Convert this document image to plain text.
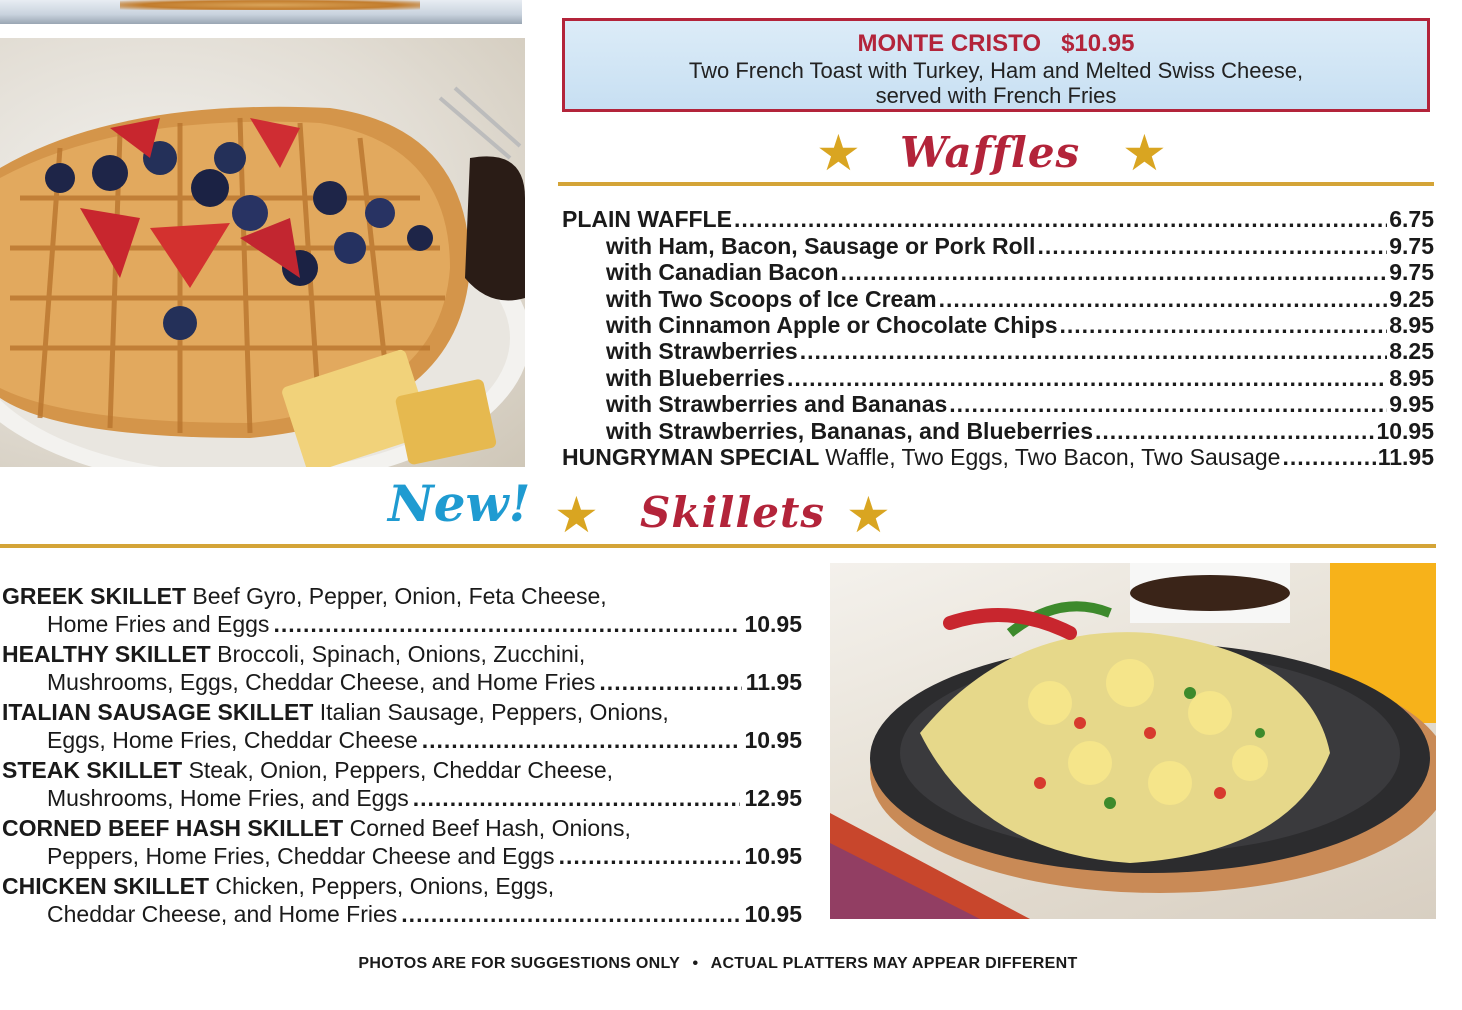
MONTE CRISTO $10.95
Two French Toast with Turkey, Ham and Melted Swiss Cheese,
served with French Fries
★ Waffles ★
PLAIN WAFFLE .....	6.75
with Ham, Bacon, Sausage or Pork Roll .....	9.75
with Canadian Bacon .....	9.75
with Two Scoops of Ice Cream .....	9.25
with Cinnamon Apple or Chocolate Chips .....	8.95
with Strawberries .....	8.25
with Blueberries .....	8.95
with Strawberries and Bananas .....	9.95
with Strawberries, Bananas, and Blueberries .....	10.95
HUNGRYMAN SPECIAL Waffle, Two Eggs, Two Bacon, Two Sausage .....	11.95
New! ★ Skillets ★
GREEK SKILLET Beef Gyro, Pepper, Onion, Feta Cheese,
Home Fries and Eggs .....	10.95
HEALTHY SKILLET Broccoli, Spinach, Onions, Zucchini,
Mushrooms, Eggs, Cheddar Cheese, and Home Fries .....	11.95
ITALIAN SAUSAGE SKILLET Italian Sausage, Peppers, Onions,
Eggs, Home Fries, Cheddar Cheese .....	10.95
STEAK SKILLET Steak, Onion, Peppers, Cheddar Cheese,
Mushrooms, Home Fries, and Eggs .....	12.95
CORNED BEEF HASH SKILLET Corned Beef Hash, Onions,
Peppers, Home Fries, Cheddar Cheese and Eggs .....	10.95
CHICKEN SKILLET Chicken, Peppers, Onions, Eggs,
Cheddar Cheese, and Home Fries .....	10.95
PHOTOS ARE FOR SUGGESTIONS ONLY • ACTUAL PLATTERS MAY APPEAR DIFFERENT
